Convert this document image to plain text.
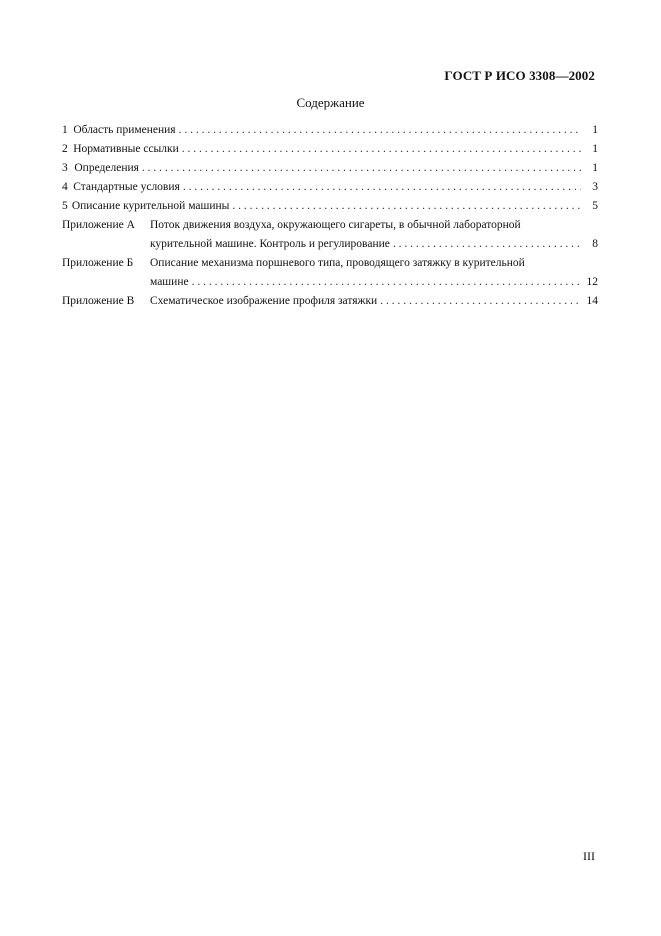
ГОСТ Р ИСО 3308—2002
Содержание
1 Область применения . . .	1
2 Нормативные ссылки . . .	1
3 Определения . . .	1
4 Стандартные условия . . .	3
5 Описание курительной машины . . .	5
Приложение А	Поток движения воздуха, окружающего сигареты, в обычной лабораторной
курительной машине. Контроль и регулирование . . .	8
Приложение Б	Описание механизма поршневого типа, проводящего затяжку в курительной
машине . . .	12
Приложение В	Схематическое изображение профиля затяжки . . .	14
III
